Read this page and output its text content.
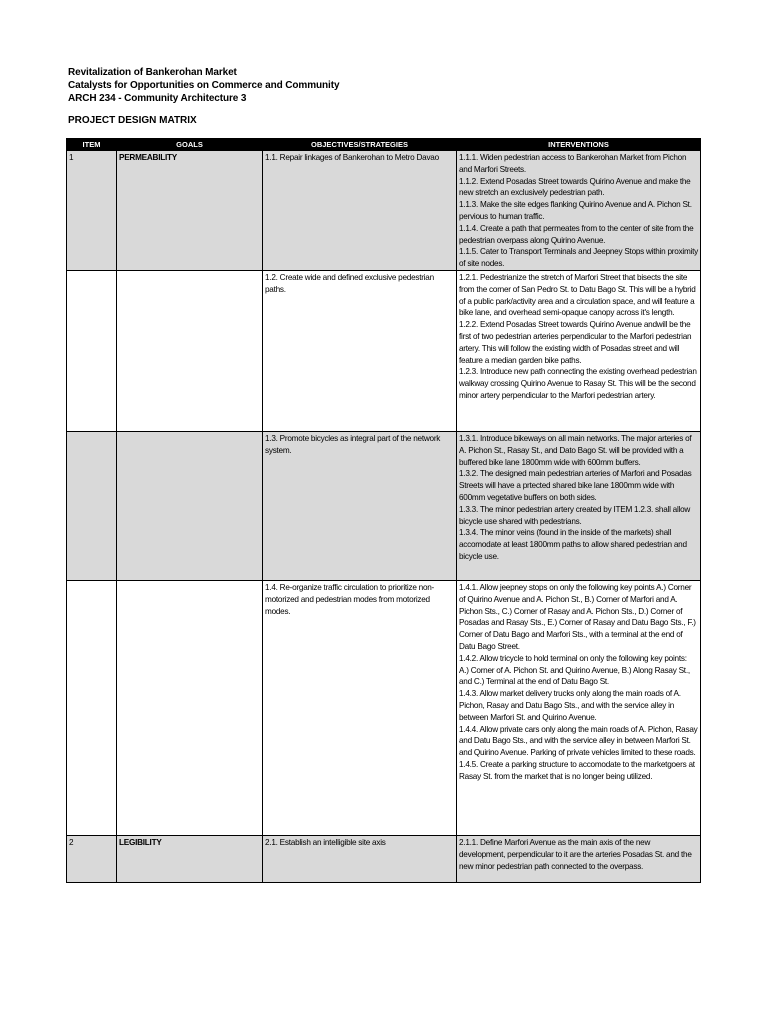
Revitalization of Bankerohan Market
Catalysts for Opportunities on Commerce and Community
ARCH 234 - Community Architecture 3
PROJECT DESIGN MATRIX
ITEM	GOALS	OBJECTIVES/STRATEGIES	INTERVENTIONS
1	PERMEABILITY	1.1. Repair linkages of Bankerohan to Metro Davao	1.1.1. Widen pedestrian access to Bankerohan Market from Pichon and Marfori Streets.
1.1.2. Extend Posadas Street towards Quirino Avenue and make the new stretch an exclusively pedestrian path.
1.1.3. Make the site edges flanking Quirino Avenue and A. Pichon St. pervious to human traffic.
1.1.4. Create a path that permeates from to the center of site from the pedestrian overpass along Quirino Avenue.
1.1.5. Cater to Transport Terminals and Jeepney Stops within proximity of site nodes.

		1.2. Create wide and defined exclusive pedestrian paths.	1.2.1. Pedestrianize the stretch of Marfori Street that bisects the site from the corner of San Pedro St. to Datu Bago St. This will be a hybrid of a public park/activity area and a circulation space, and will feature a bike lane, and overhead semi-opaque canopy across it's length.
1.2.2. Extend Posadas Street towards Quirino Avenue andwill be the first of two pedestrian arteries perpendicular to the Marfori pedestrian artery. This will follow the existing width of Posadas street and will feature a median garden bike paths.
1.2.3. Introduce new path connecting the existing overhead pedestrian walkway crossing Quirino Avenue to Rasay St. This will be the second minor artery perpendicular to the Marfori pedestrian artery.

		1.3. Promote bicycles as integral part of the network system.	1.3.1. Introduce bikeways on all main networks. The major arteries of A. Pichon St., Rasay St., and Dato Bago St. will be provided with a buffered bike lane 1800mm wide with 600mm buffers.
1.3.2. The designed main pedestrian arteries of Marfori and Posadas Streets will have a prtected shared bike lane 1800mm wide with 600mm vegetative buffers on both sides.
1.3.3. The minor pedestrian artery created by ITEM 1.2.3. shall allow bicycle use shared with pedestrians.
1.3.4. The minor veins (found in the inside of the markets) shall accomodate at least 1800mm paths to allow shared pedestrian and bicycle use.

		1.4. Re-organize traffic circulation to prioritize non-motorized and pedestrian modes from motorized modes.	1.4.1. Allow jeepney stops on only the following key points A.) Corner of Quirino Avenue and A. Pichon St., B.) Corner of Marfori and A. Pichon Sts., C.) Corner of Rasay and A. Pichon Sts., D.) Corner of Posadas and Rasay Sts., E.) Corner of Rasay and Datu Bago Sts., F.) Corner of Datu Bago and Marfori Sts., with a terminal at the end of Datu Bago Street.
1.4.2. Allow tricycle to hold terminal on only the following key points: A.) Corner of A. Pichon St. and Quirino Avenue, B.) Along Rasay St., and C.) Terminal at the end of Datu Bago St.
1.4.3. Allow market delivery trucks only along the main roads of A. Pichon, Rasay and Datu Bago Sts., and with the service alley in between Marfori St. and Quirino Avenue.
1.4.4. Allow private cars only along the main roads of A. Pichon, Rasay and Datu Bago Sts., and with the service alley in between Marfori St. and Quirino Avenue. Parking of private vehicles limited to these roads.
1.4.5. Create a parking structure to accomodate to the marketgoers at Rasay St. from the market that is no longer being utilized.

2	LEGIBILITY	2.1. Establish an intelligible site axis	2.1.1. Define Marfori Avenue as the main axis of the new development, perpendicular to it are the arteries Posadas St. and the new minor pedestrian path connected to the overpass.
